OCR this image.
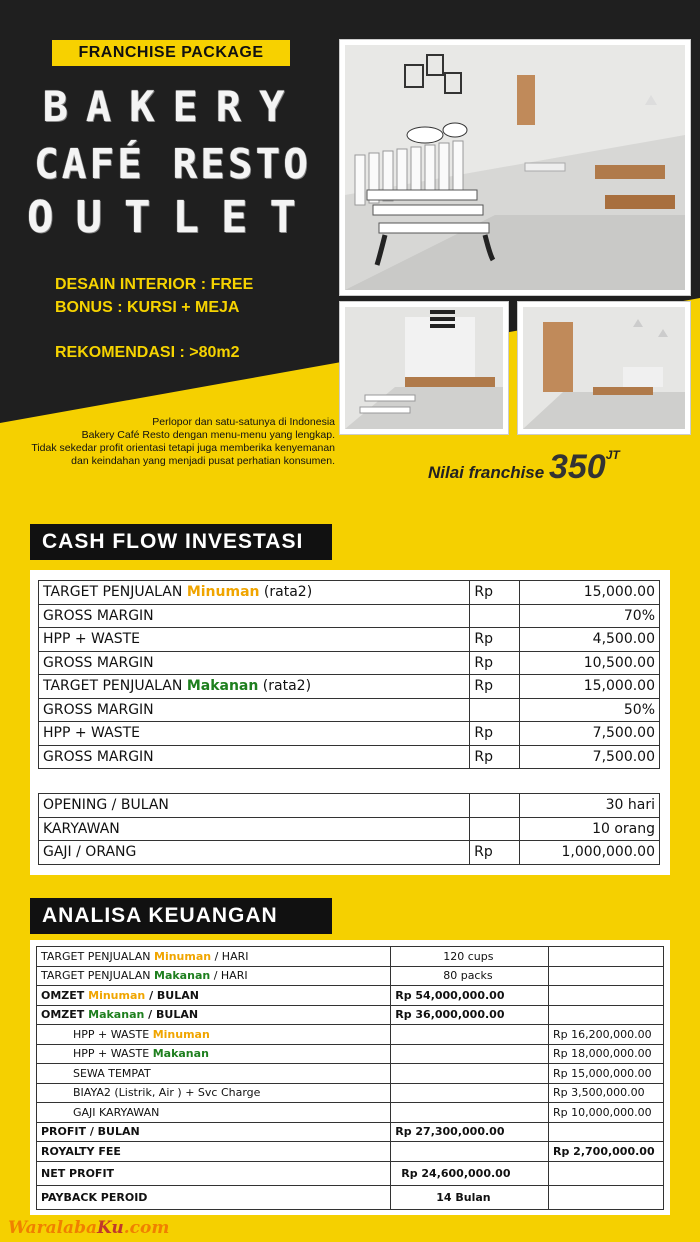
FRANCHISE PACKAGE
BAKERY
CAFÉ RESTO
OUTLET
DESAIN INTERIOR : FREE
BONUS : KURSI + MEJA
REKOMENDASI : >80m2
Perlopor dan satu-satunya di Indonesia
Bakery Café Resto dengan menu-menu yang lengkap.
Tidak sekedar profit orientasi tetapi juga memberika kenyemanan
dan keindahan yang menjadi pusat perhatian konsumen.
Nilai franchise $350^{JT}$
CASH FLOW INVESTASI
TARGET PENJUALAN Minuman (rata2)	Rp	15,000.00
GROSS MARGIN		70%
HPP + WASTE	Rp	4,500.00
GROSS MARGIN	Rp	10,500.00
TARGET PENJUALAN Makanan (rata2)	Rp	15,000.00
GROSS MARGIN		50%
HPP + WASTE	Rp	7,500.00
GROSS MARGIN	Rp	7,500.00
OPENING / BULAN		30 hari
KARYAWAN		10 orang
GAJI / ORANG	Rp	1,000,000.00
ANALISA KEUANGAN
TARGET PENJUALAN Minuman / HARI	120 cups	
TARGET PENJUALAN Makanan / HARI	80 packs	
OMZET Minuman / BULAN	Rp 54,000,000.00	
OMZET Makanan / BULAN	Rp 36,000,000.00	
HPP + WASTE Minuman		Rp 16,200,000.00
HPP + WASTE Makanan		Rp 18,000,000.00
SEWA TEMPAT		Rp 15,000,000.00
BIAYA2 (Listrik, Air ) + Svc Charge		Rp 3,500,000.00
GAJI KARYAWAN		Rp 10,000,000.00
PROFIT / BULAN	Rp 27,300,000.00	
ROYALTY FEE		Rp 2,700,000.00
NET PROFIT	Rp 24,600,000.00	
PAYBACK PEROID	14 Bulan	
WaralabaKu.com
